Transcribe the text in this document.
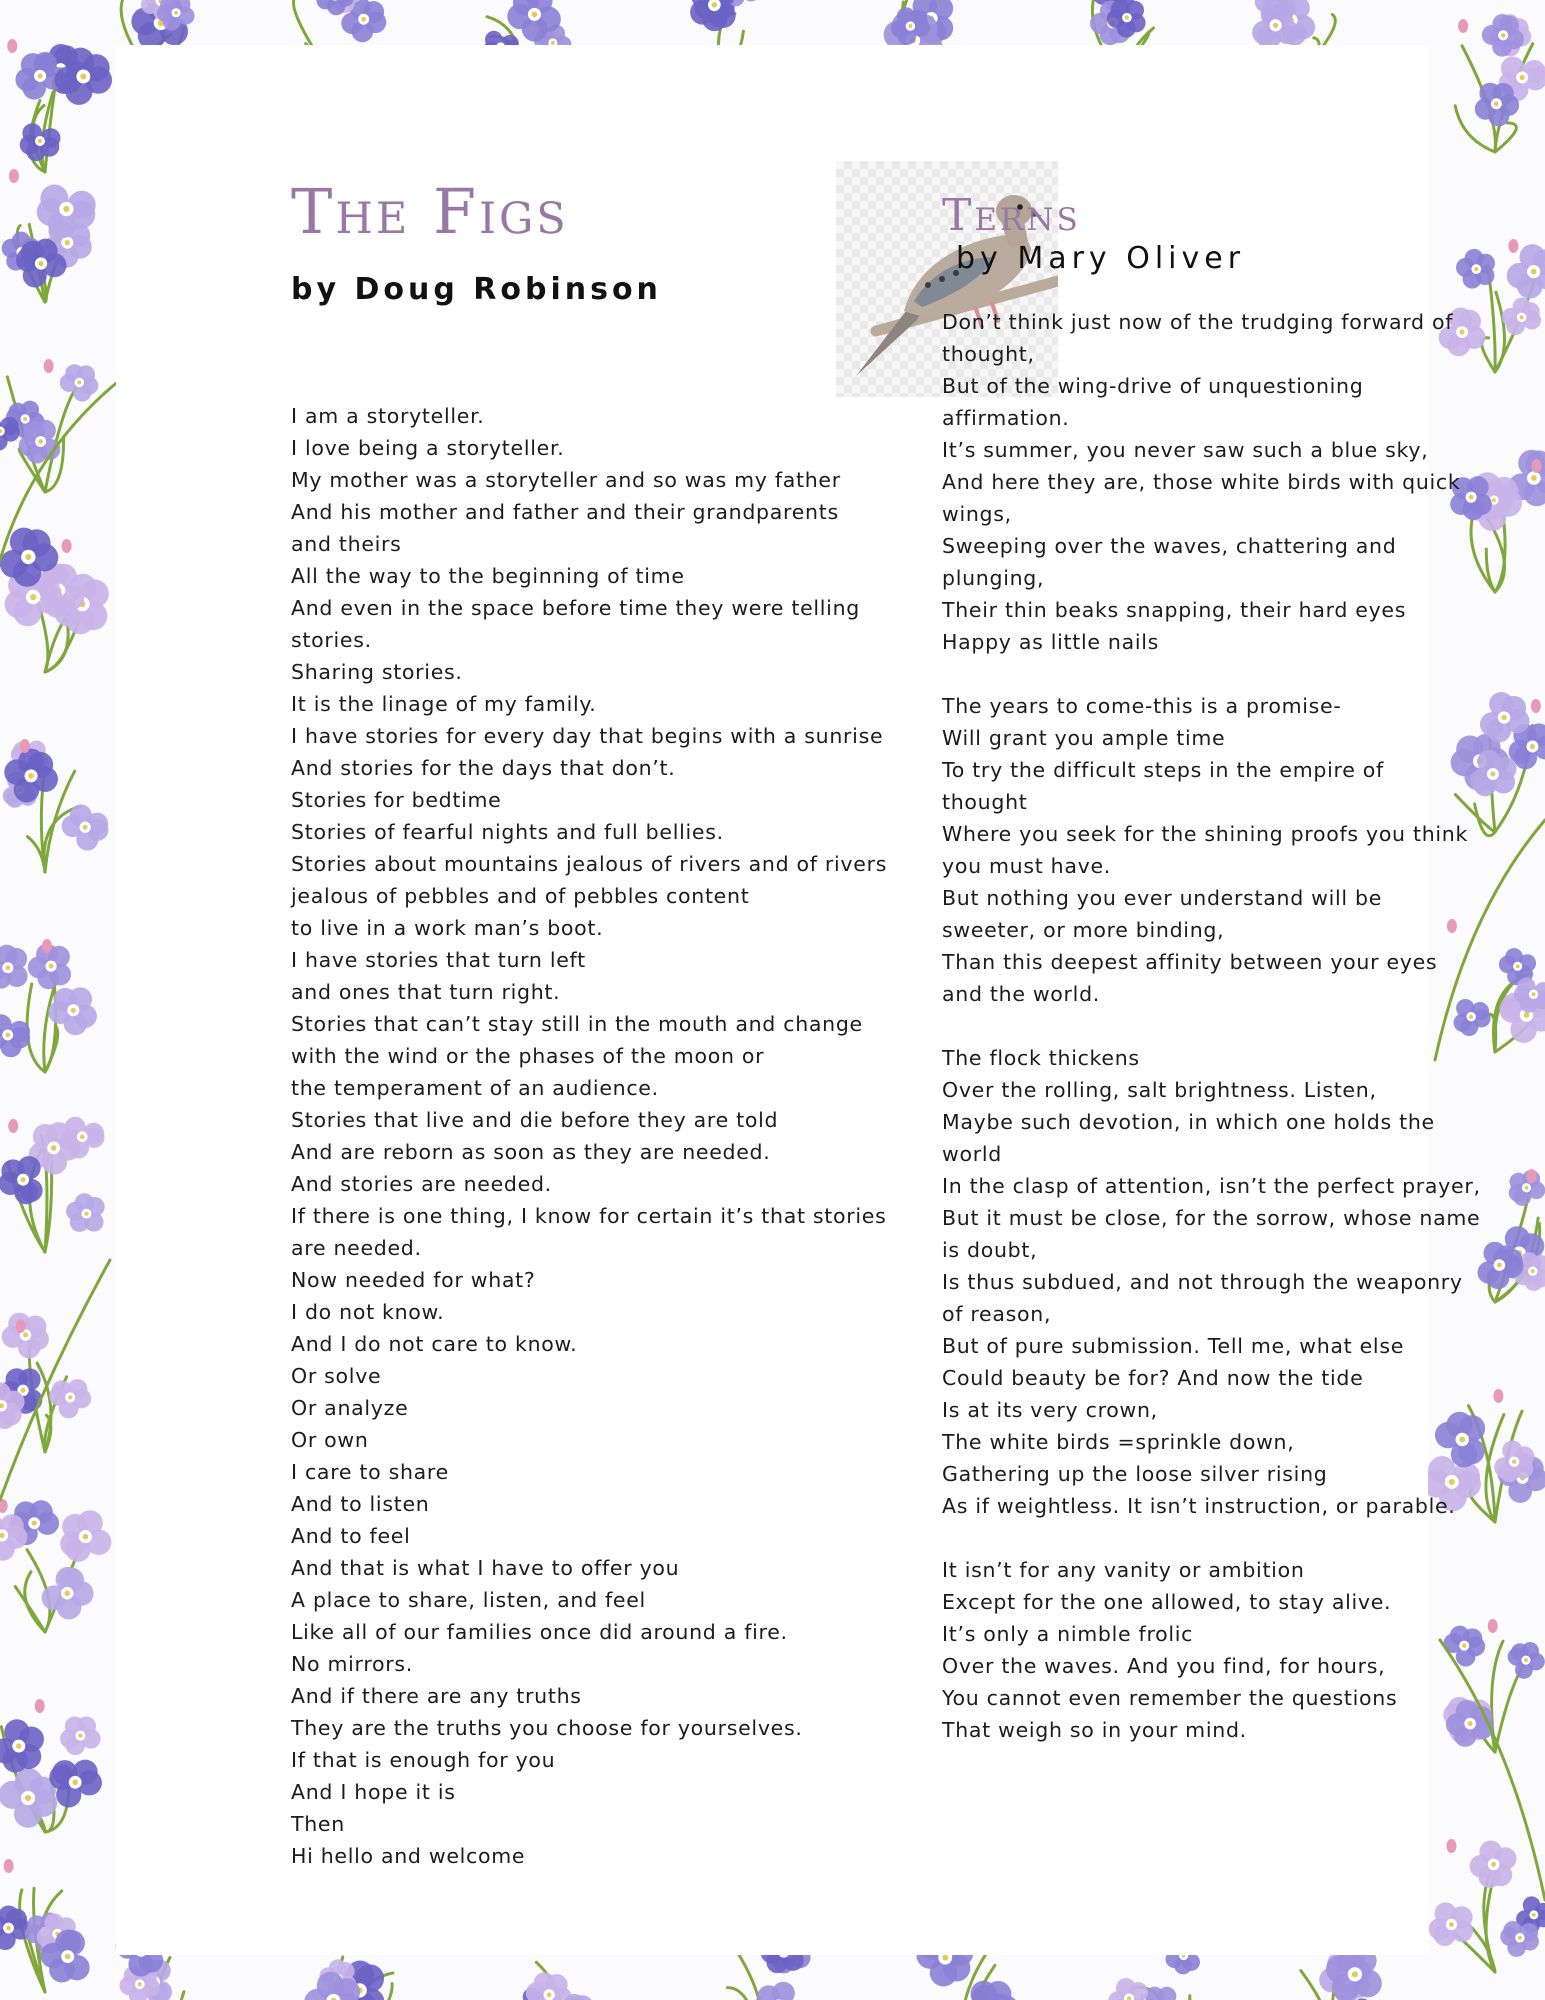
The Figs
by Doug Robinson
I am a storyteller.
I love being a storyteller.
My mother was a storyteller and so was my father
And his mother and father and their grandparents
and theirs
All the way to the beginning of time
And even in the space before time they were telling
stories.
Sharing stories.
It is the linage of my family.
I have stories for every day that begins with a sunrise
And stories for the days that don’t.
Stories for bedtime
Stories of fearful nights and full bellies.
Stories about mountains jealous of rivers and of rivers
jealous of pebbles and of pebbles content
to live in a work man’s boot.
I have stories that turn left
and ones that turn right.
Stories that can’t stay still in the mouth and change
with the wind or the phases of the moon or
the temperament of an audience.
Stories that live and die before they are told
And are reborn as soon as they are needed.
And stories are needed.
If there is one thing, I know for certain it’s that stories
are needed.
Now needed for what?
I do not know.
And I do not care to know.
Or solve
Or analyze
Or own
I care to share
And to listen
And to feel
And that is what I have to offer you
A place to share, listen, and feel
Like all of our families once did around a fire.
No mirrors.
And if there are any truths
They are the truths you choose for yourselves.
If that is enough for you
And I hope it is
Then
Hi hello and welcome
Terns
by Mary Oliver
Don’t think just now of the trudging forward of
thought,
But of the wing-drive of unquestioning
affirmation.
It’s summer, you never saw such a blue sky,
And here they are, those white birds with quick
wings,
Sweeping over the waves, chattering and
plunging,
Their thin beaks snapping, their hard eyes
Happy as little nails
The years to come-this is a promise-
Will grant you ample time
To try the difficult steps in the empire of
thought
Where you seek for the shining proofs you think
you must have.
But nothing you ever understand will be
sweeter, or more binding,
Than this deepest affinity between your eyes
and the world.
The flock thickens
Over the rolling, salt brightness. Listen,
Maybe such devotion, in which one holds the
world
In the clasp of attention, isn’t the perfect prayer,
But it must be close, for the sorrow, whose name
is doubt,
Is thus subdued, and not through the weaponry
of reason,
But of pure submission. Tell me, what else
Could beauty be for? And now the tide
Is at its very crown,
The white birds =sprinkle down,
Gathering up the loose silver rising
As if weightless. It isn’t instruction, or parable.
It isn’t for any vanity or ambition
Except for the one allowed, to stay alive.
It’s only a nimble frolic
Over the waves. And you find, for hours,
You cannot even remember the questions
That weigh so in your mind.
